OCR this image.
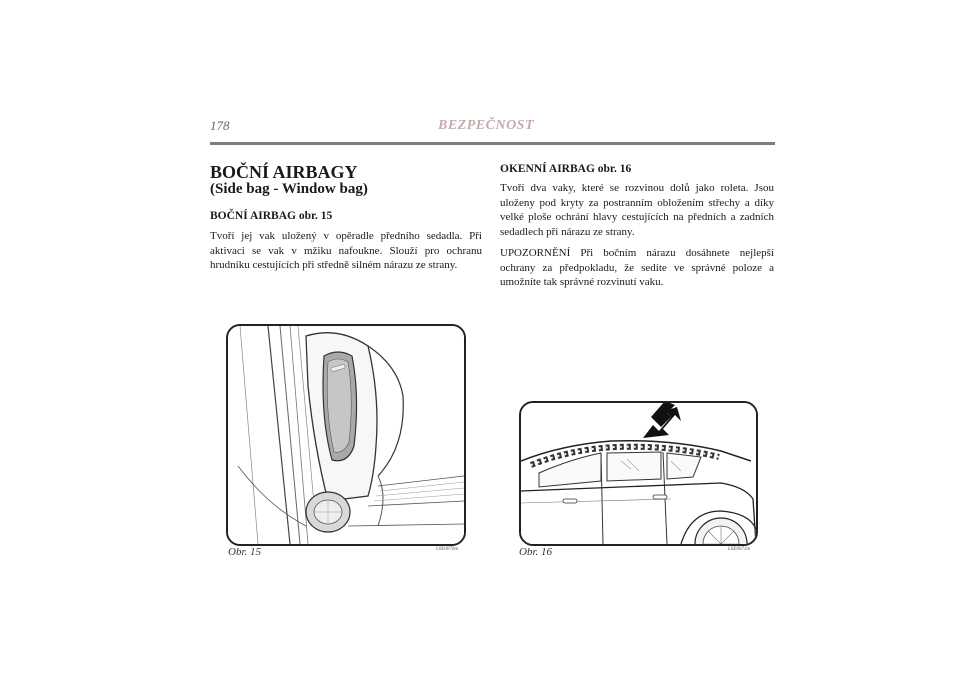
178	BEZPEČNOST
BOČNÍ AIRBAGY
(Side bag - Window bag)
BOČNÍ AIRBAG obr. 15
Tvoří jej vak uložený v opěradle předního sedadla. Při aktivaci se vak v mžiku nafoukne. Slouží pro ochranu hrudníku cestujících při středně silném nárazu ze strany.
OKENNÍ AIRBAG obr. 16
Tvoří dva vaky, které se rozvinou dolů jako roleta. Jsou uloženy pod kryty za postranním obložením střechy a díky velké ploše ochrání hlavy cestujících na předních a zadních sedadlech při nárazu ze strany.
UPOZORNĚNÍ Při bočním nárazu dosáhnete nejlepší ochrany za předpokladu, že sedíte ve správné poloze a umožníte tak správné rozvinutí vaku.
Obr. 15	L0E0070m	Obr. 16	L0E0071m
